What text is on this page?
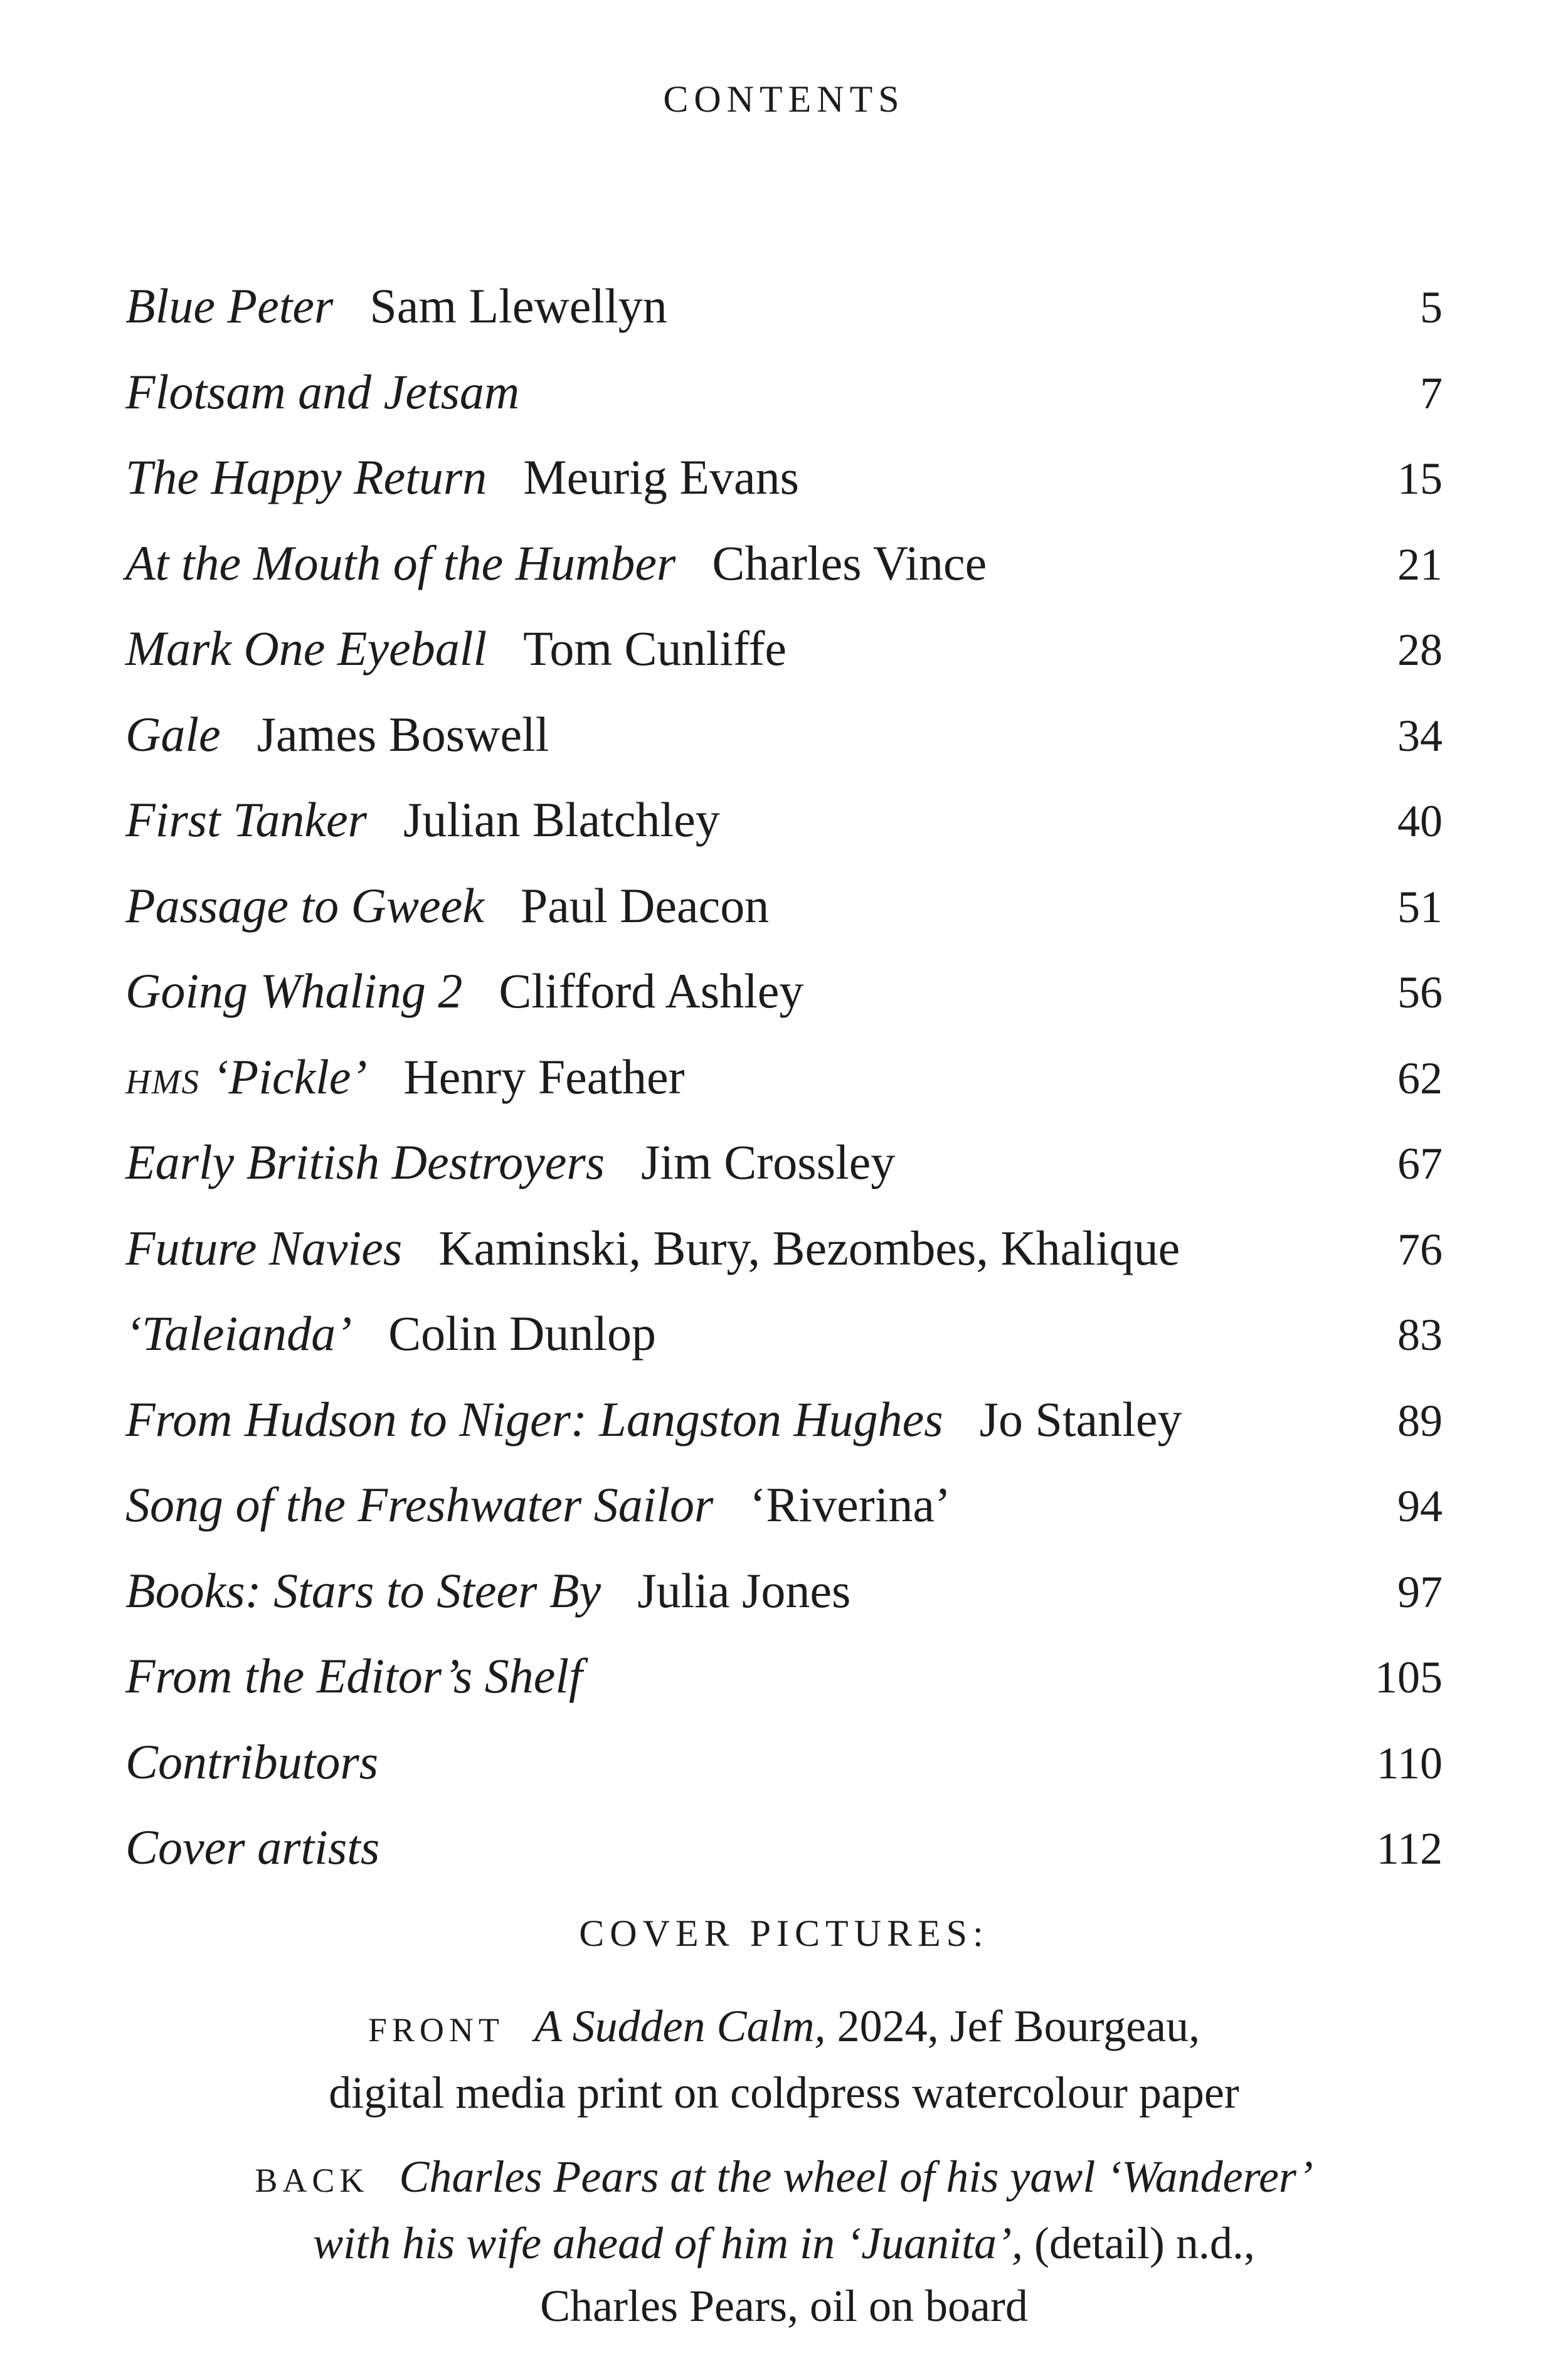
CONTENTS
Blue Peter Sam Llewellyn	5
Flotsam and Jetsam	7
The Happy Return Meurig Evans	15
At the Mouth of the Humber Charles Vince	21
Mark One Eyeball Tom Cunliffe	28
Gale James Boswell	34
First Tanker Julian Blatchley	40
Passage to Gweek Paul Deacon	51
Going Whaling 2 Clifford Ashley	56
hms ‘Pickle’ Henry Feather	62
Early British Destroyers Jim Crossley	67
Future Navies Kaminski, Bury, Bezombes, Khalique	76
‘Taleianda’ Colin Dunlop	83
From Hudson to Niger: Langston Hughes Jo Stanley	89
Song of the Freshwater Sailor ‘Riverina’	94
Books: Stars to Steer By Julia Jones	97
From the Editor’s Shelf	105
Contributors	110
Cover artists	112
COVER PICTURES:
FRONT A Sudden Calm, 2024, Jef Bourgeau,
digital media print on coldpress watercolour paper
BACK Charles Pears at the wheel of his yawl ‘Wanderer’
with his wife ahead of him in ‘Juanita’, (detail) n.d.,
Charles Pears, oil on board
